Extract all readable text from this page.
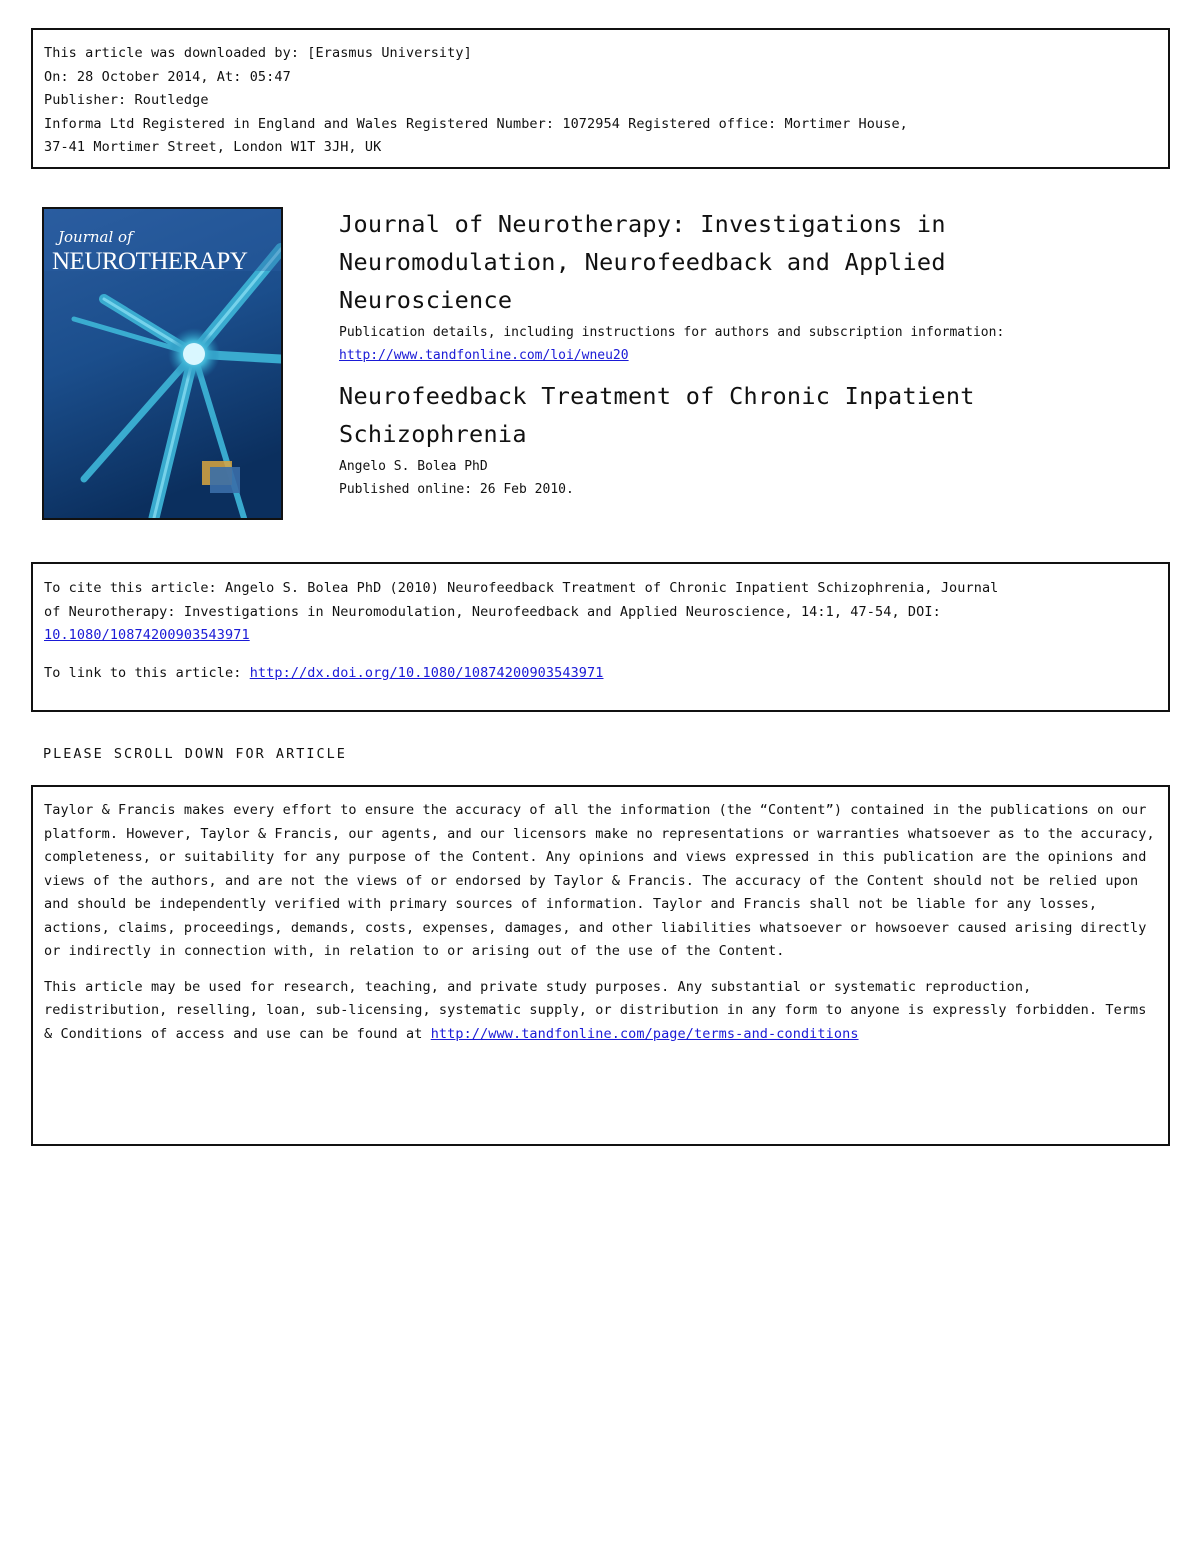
This article was downloaded by: [Erasmus University]
On: 28 October 2014, At: 05:47
Publisher: Routledge
Informa Ltd Registered in England and Wales Registered Number: 1072954 Registered office: Mortimer House,
37-41 Mortimer Street, London W1T 3JH, UK
Journal of
NEUROTHERAPY
Journal of Neurotherapy: Investigations in
Neuromodulation, Neurofeedback and Applied
Neuroscience
Publication details, including instructions for authors and subscription information:
http://www.tandfonline.com/loi/wneu20
Neurofeedback Treatment of Chronic Inpatient
Schizophrenia
Angelo S. Bolea PhD
Published online: 26 Feb 2010.
To cite this article: Angelo S. Bolea PhD (2010) Neurofeedback Treatment of Chronic Inpatient Schizophrenia, Journal
of Neurotherapy: Investigations in Neuromodulation, Neurofeedback and Applied Neuroscience, 14:1, 47-54, DOI:
10.1080/10874200903543971
To link to this article: http://dx.doi.org/10.1080/10874200903543971
PLEASE SCROLL DOWN FOR ARTICLE

Taylor & Francis makes every effort to ensure the accuracy of all the information (the “Content”) contained in the publications on our platform. However, Taylor & Francis, our agents, and our licensors make no representations or warranties whatsoever as to the accuracy, completeness, or suitability for any purpose of the Content. Any opinions and views expressed in this publication are the opinions and views of the authors, and are not the views of or endorsed by Taylor & Francis. The accuracy of the Content should not be relied upon and should be independently verified with primary sources of information. Taylor and Francis shall not be liable for any losses, actions, claims, proceedings, demands, costs, expenses, damages, and other liabilities whatsoever or howsoever caused arising directly or indirectly in connection with, in relation to or arising out of the use of the Content.

This article may be used for research, teaching, and private study purposes. Any substantial or systematic reproduction, redistribution, reselling, loan, sub-licensing, systematic supply, or distribution in any form to anyone is expressly forbidden. Terms & Conditions of access and use can be found at http://www.tandfonline.com/page/terms-and-conditions
